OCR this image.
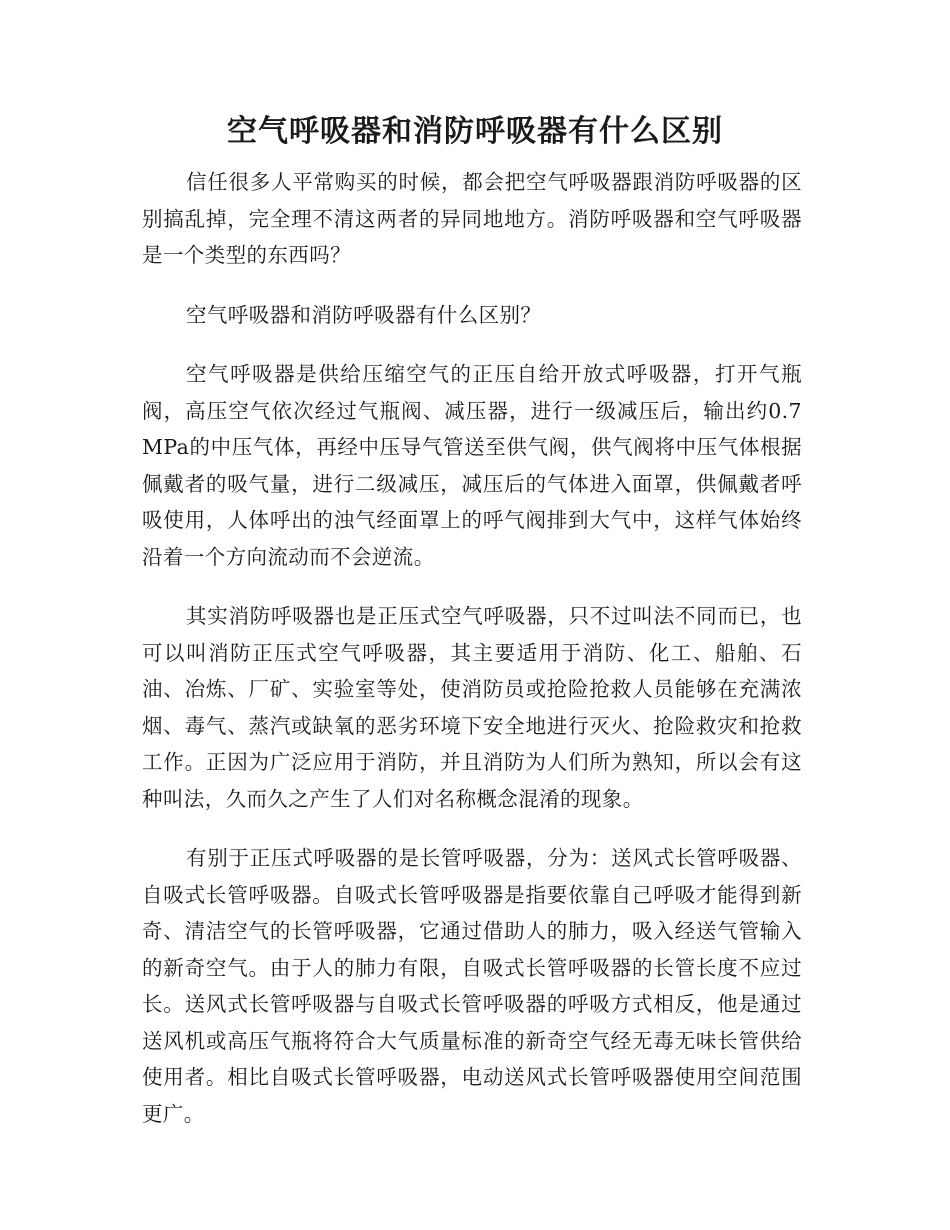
空气呼吸器和消防呼吸器有什么区别

信任很多人平常购买的时候，都会把空气呼吸器跟消防呼吸器的区别搞乱掉，完全理不清这两者的异同地地方。消防呼吸器和空气呼吸器是一个类型的东西吗？

空气呼吸器和消防呼吸器有什么区别？

空气呼吸器是供给压缩空气的正压自给开放式呼吸器，打开气瓶阀，高压空气依次经过气瓶阀、减压器，进行一级减压后，输出约0.7MPa的中压气体，再经中压导气管送至供气阀，供气阀将中压气体根据佩戴者的吸气量，进行二级减压，减压后的气体进入面罩，供佩戴者呼吸使用，人体呼出的浊气经面罩上的呼气阀排到大气中，这样气体始终沿着一个方向流动而不会逆流。

其实消防呼吸器也是正压式空气呼吸器，只不过叫法不同而已，也可以叫消防正压式空气呼吸器，其主要适用于消防、化工、船舶、石油、冶炼、厂矿、实验室等处，使消防员或抢险抢救人员能够在充满浓烟、毒气、蒸汽或缺氧的恶劣环境下安全地进行灭火、抢险救灾和抢救工作。正因为广泛应用于消防，并且消防为人们所为熟知，所以会有这种叫法，久而久之产生了人们对名称概念混淆的现象。

有别于正压式呼吸器的是长管呼吸器，分为：送风式长管呼吸器、自吸式长管呼吸器。自吸式长管呼吸器是指要依靠自己呼吸才能得到新奇、清洁空气的长管呼吸器，它通过借助人的肺力，吸入经送气管输入的新奇空气。由于人的肺力有限，自吸式长管呼吸器的长管长度不应过长。送风式长管呼吸器与自吸式长管呼吸器的呼吸方式相反，他是通过送风机或高压气瓶将符合大气质量标准的新奇空气经无毒无味长管供给使用者。相比自吸式长管呼吸器，电动送风式长管呼吸器使用空间范围更广。
